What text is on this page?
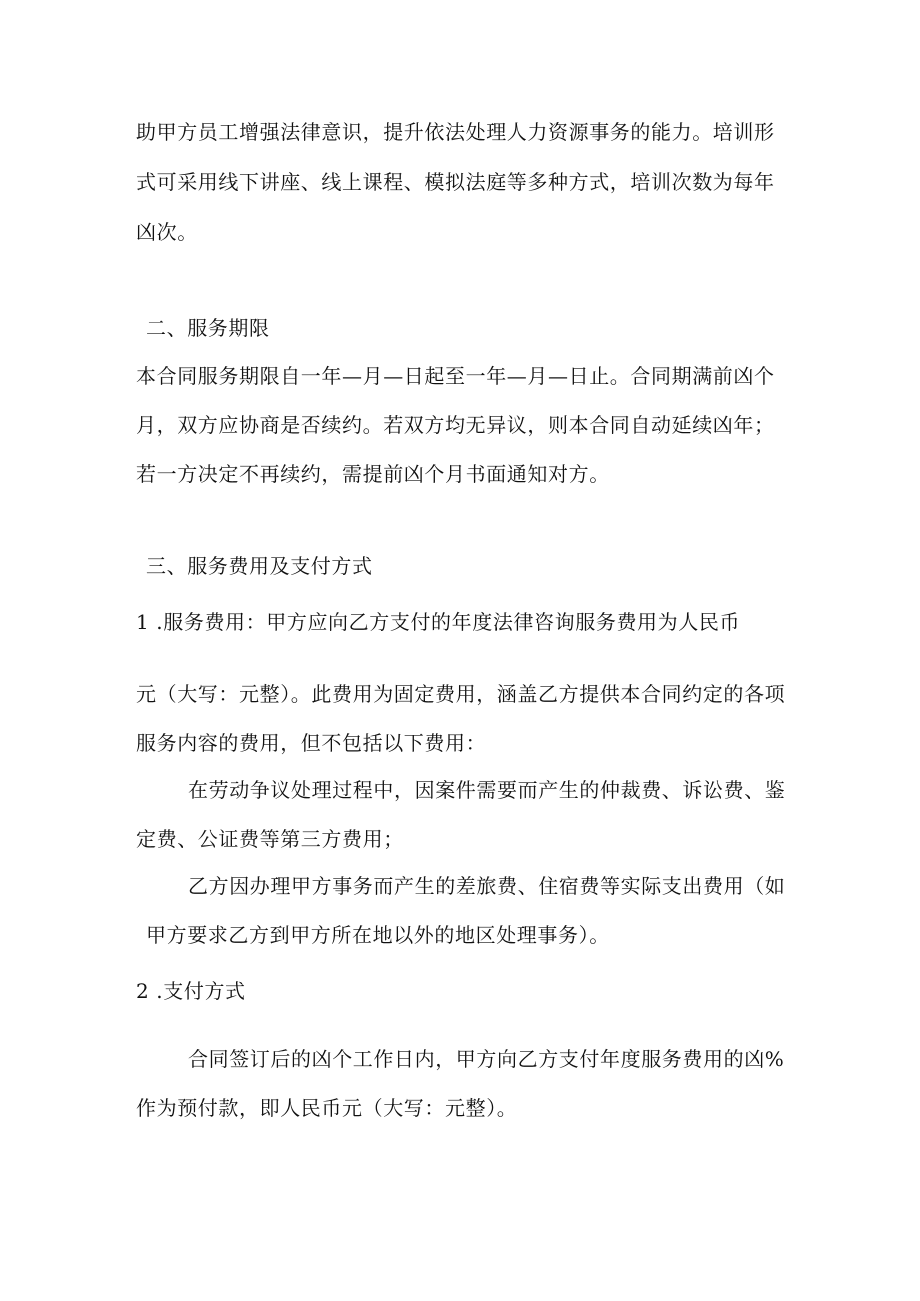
助甲方员工增强法律意识，提升依法处理人力资源事务的能力。培训形
式可采用线下讲座、线上课程、模拟法庭等多种方式，培训次数为每年
凶次。
二、服务期限
本合同服务期限自一年—月—日起至一年—月—日止。合同期满前凶个
月，双方应协商是否续约。若双方均无异议，则本合同自动延续凶年；
若一方决定不再续约，需提前凶个月书面通知对方。
三、服务费用及支付方式
1 .服务费用：甲方应向乙方支付的年度法律咨询服务费用为人民币
元（大写：元整）。此费用为固定费用，涵盖乙方提供本合同约定的各项
服务内容的费用，但不包括以下费用：
在劳动争议处理过程中，因案件需要而产生的仲裁费、诉讼费、鉴
定费、公证费等第三方费用；
乙方因办理甲方事务而产生的差旅费、住宿费等实际支出费用（如
甲方要求乙方到甲方所在地以外的地区处理事务）。
2 .支付方式
合同签订后的凶个工作日内，甲方向乙方支付年度服务费用的凶%
作为预付款，即人民币元（大写：元整）。
